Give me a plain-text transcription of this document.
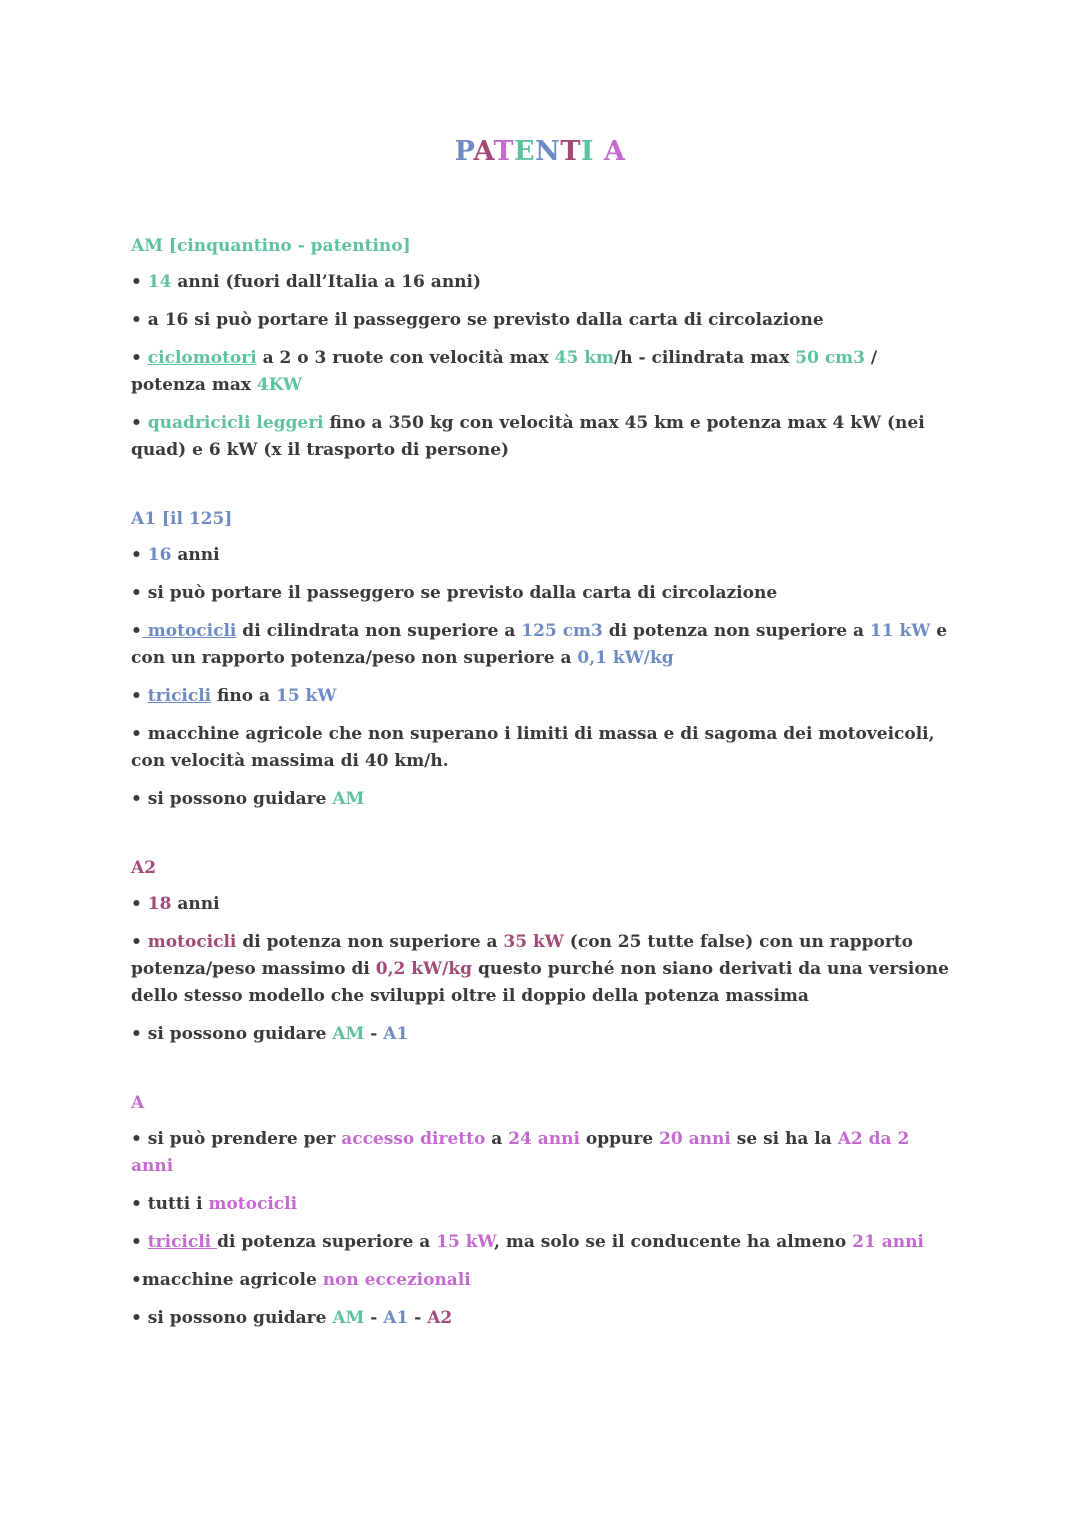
PATENTI A
AM [cinquantino - patentino]
• 14 anni (fuori dall’Italia a 16 anni)
• a 16 si può portare il passeggero se previsto dalla carta di circolazione
• ciclomotori a 2 o 3 ruote con velocità max 45 km/h - cilindrata max 50 cm3 / potenza max 4KW
• quadricicli leggeri fino a 350 kg con velocità max 45 km e potenza max 4 kW (nei quad) e 6 kW (x il trasporto di persone)
A1 [il 125]
• 16 anni
• si può portare il passeggero se previsto dalla carta di circolazione
• motocicli di cilindrata non superiore a 125 cm3 di potenza non superiore a 11 kW e con un rapporto potenza/peso non superiore a 0,1 kW/kg
• tricicli fino a 15 kW
• macchine agricole che non superano i limiti di massa e di sagoma dei motoveicoli, con velocità massima di 40 km/h.
• si possono guidare AM
A2
• 18 anni
• motocicli di potenza non superiore a 35 kW (con 25 tutte false) con un rapporto potenza/peso massimo di 0,2 kW/kg questo purché non siano derivati da una versione dello stesso modello che sviluppi oltre il doppio della potenza massima
• si possono guidare AM - A1
A
• si può prendere per accesso diretto a 24 anni oppure 20 anni se si ha la A2 da 2 anni
• tutti i motocicli
• tricicli di potenza superiore a 15 kW, ma solo se il conducente ha almeno 21 anni
•macchine agricole non eccezionali
• si possono guidare AM - A1 - A2
